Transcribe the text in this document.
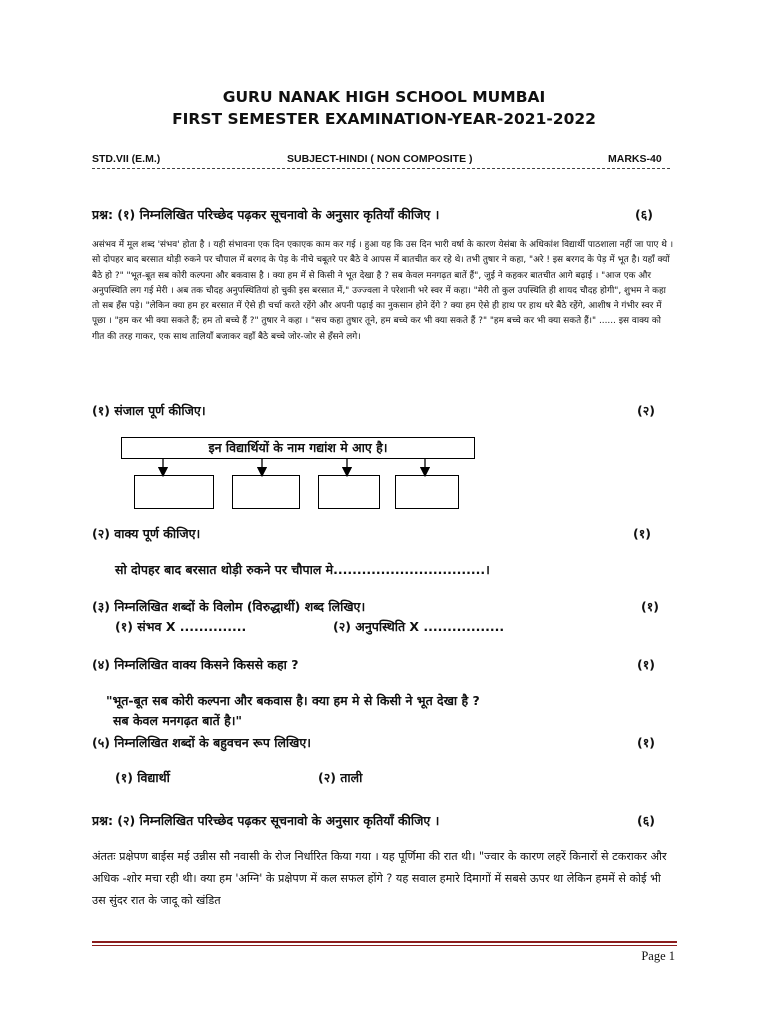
GURU NANAK HIGH SCHOOL MUMBAI
FIRST SEMESTER EXAMINATION-YEAR-2021-2022
STD.VII (E.M.)	SUBJECT-HINDI ( NON COMPOSITE )	MARKS-40
प्रश्न: (१) निम्नलिखित परिच्छेद पढ़कर सूचनावो के अनुसार कृतियाँ कीजिए ।	(६)
असंभव में मूल शब्द 'संभव' होता है । यही संभावना एक दिन एकाएक काम कर गई । हुआ यह कि उस दिन भारी वर्षा के कारण येसंबा के अधिकांश विद्यार्थी पाठशाला नहीं जा पाए थे । सो दोपहर बाद बरसात थोड़ी रुकने पर चौपाल में बरगद के पेड़ के नीचे चबूतरे पर बैठे वे आपस में बातचीत कर रहे थे। तभी तुषार ने कहा, "अरे ! इस बरगद के पेड़ में भूत है। यहाँ क्यों बैठे हो ?" "भूत-बूत सब कोरी कल्पना और बकवास है । क्या हम में से किसी ने भूत देखा है ? सब केवल मनगढ़त बातें हैं", जुई ने कहकर बातचीत आगे बढ़ाई । "आज एक और अनुपस्थिति लग गई मेरी । अब तक चौदह अनुपस्थितियां हो चुकी इस बरसात में," उज्ज्वला ने परेशानी भरे स्वर में कहा। "मेरी तो कुल उपस्थिति ही शायद चौदह होगी", शुभम ने कहा तो सब हँस पड़े। "लेकिन क्या हम हर बरसात में ऐसे ही चर्चा करते रहेंगे और अपनी पढ़ाई का नुकसान होने देंगे ? क्या हम ऐसे ही हाथ पर हाथ धरे बैठे रहेंगे, आशीष ने गंभीर स्वर में पूछा । "हम कर भी क्या सकते हैं; हम तो बच्चे हैं ?" तुषार ने कहा । "सच कहा तुषार तूने, हम बच्चे कर भी क्या सकते हैं ?" "हम बच्चे कर भी क्या सकते हैं।" ...... इस वाक्य को गीत की तरह गाकर, एक साथ तालियाँ बजाकर वहाँ बैठे बच्चे जोर-जोर से हँसने लगे।
(१) संजाल पूर्ण कीजिए।	(२)
इन विद्यार्थियों के नाम गद्यांश मे आए है।
(२) वाक्य पूर्ण कीजिए।	(१)
सो दोपहर बाद बरसात थोड़ी रुकने पर चौपाल मे................................।
(३) निम्नलिखित शब्दों के विलोम (विरुद्धार्थी) शब्द लिखिए।	(१)
(१) संभव X ..............	(२) अनुपस्थिति X .................
(४) निम्नलिखित वाक्य किसने किससे कहा ?	(१)
"भूत-बूत सब कोरी कल्पना और बकवास है। क्या हम मे से किसी ने भूत देखा है ?
सब केवल मनगढ़त बातें है।"
(५) निम्नलिखित शब्दों के बहुवचन रूप लिखिए।	(१)
(१) विद्यार्थी	(२) ताली
प्रश्न: (२) निम्नलिखित परिच्छेद पढ़कर सूचनावो के अनुसार कृतियाँ कीजिए ।	(६)
अंततः प्रक्षेपण बाईस मई उन्नीस सौ नवासी के रोज निर्धारित किया गया । यह पूर्णिमा की रात थी। "ज्वार के कारण लहरें किनारों से टकराकर और अधिक -शोर मचा रही थी। क्या हम 'अग्नि' के प्रक्षेपण में कल सफल होंगे ? यह सवाल हमारे दिमागों में सबसे ऊपर था लेकिन हममें से कोई भी उस सुंदर रात के जादू को खंडित
Page 1
